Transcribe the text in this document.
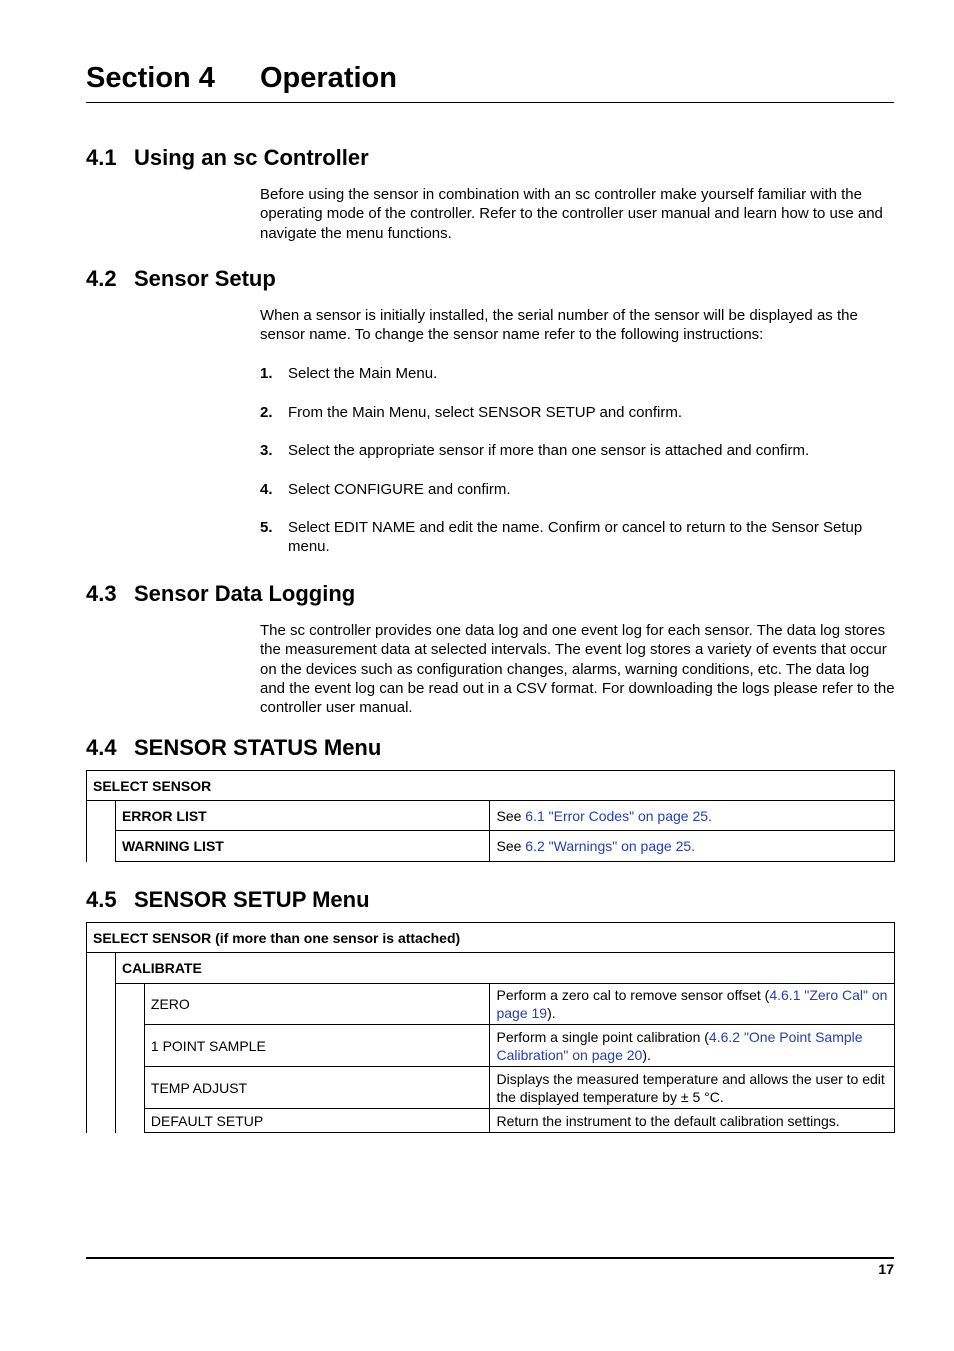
Section 4 Operation
4.1 Using an sc Controller

Before using the sensor in combination with an sc controller make yourself familiar with the operating mode of the controller. Refer to the controller user manual and learn how to use and navigate the menu functions.

4.2 Sensor Setup

When a sensor is initially installed, the serial number of the sensor will be displayed as the sensor name. To change the sensor name refer to the following instructions:

1. Select the Main Menu.
2. From the Main Menu, select SENSOR SETUP and confirm.
3. Select the appropriate sensor if more than one sensor is attached and confirm.
4. Select CONFIGURE and confirm.
5. Select EDIT NAME and edit the name. Confirm or cancel to return to the Sensor Setup menu.
4.3 Sensor Data Logging

The sc controller provides one data log and one event log for each sensor. The data log stores the measurement data at selected intervals. The event log stores a variety of events that occur on the devices such as configuration changes, alarms, warning conditions, etc. The data log and the event log can be read out in a CSV format. For downloading the logs please refer to the controller user manual.

4.4 SENSOR STATUS Menu
SELECT SENSOR		
	ERROR LIST	See 6.1 "Error Codes" on page 25.
	WARNING LIST	See 6.2 "Warnings" on page 25.
4.5 SENSOR SETUP Menu
SELECT SENSOR (if more than one sensor is attached)			
	CALIBRATE		
		ZERO	Perform a zero cal to remove sensor offset (4.6.1 "Zero Cal" on page 19).
		1 POINT SAMPLE	Perform a single point calibration (4.6.2 "One Point Sample Calibration" on page 20).
		TEMP ADJUST	Displays the measured temperature and allows the user to edit the displayed temperature by ± 5 °C.
		DEFAULT SETUP	Return the instrument to the default calibration settings.
17
